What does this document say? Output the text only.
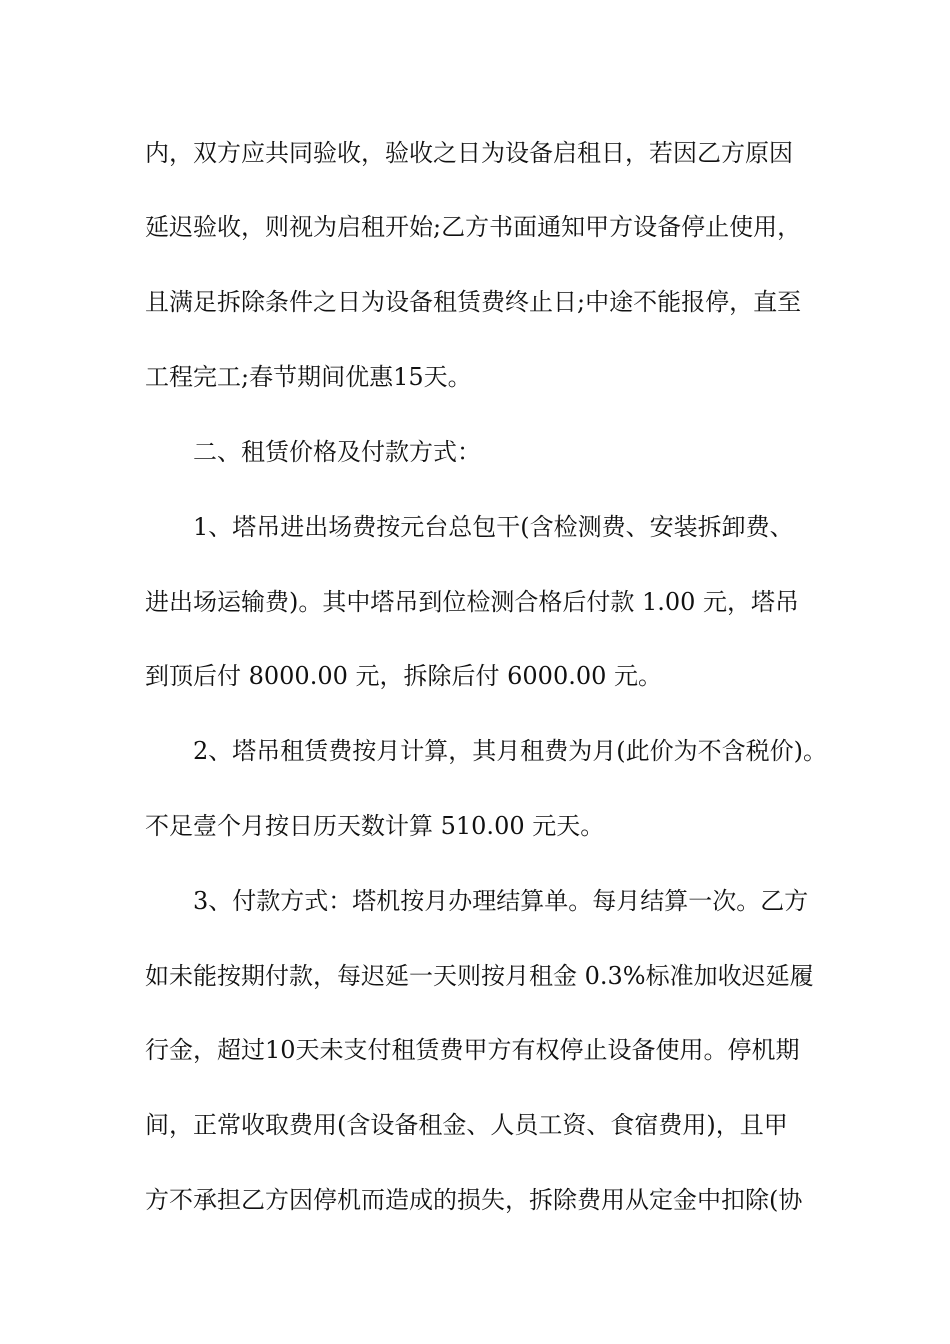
内，双方应共同验收，验收之日为设备启租日，若因乙方原因
延迟验收，则视为启租开始;乙方书面通知甲方设备停止使用，
且满足拆除条件之日为设备租赁费终止日;中途不能报停，直至
工程完工;春节期间优惠15天。
二、租赁价格及付款方式：
1、塔吊进出场费按元台总包干(含检测费、安装拆卸费、
进出场运输费)。其中塔吊到位检测合格后付款 1.00 元，塔吊
到顶后付 8000.00 元，拆除后付 6000.00 元。
2、塔吊租赁费按月计算，其月租费为月(此价为不含税价)。
不足壹个月按日历天数计算 510.00 元天。
3、付款方式：塔机按月办理结算单。每月结算一次。乙方
如未能按期付款，每迟延一天则按月租金 0.3%标准加收迟延履
行金，超过10天未支付租赁费甲方有权停止设备使用。停机期
间，正常收取费用(含设备租金、人员工资、食宿费用)，且甲
方不承担乙方因停机而造成的损失，拆除费用从定金中扣除(协
